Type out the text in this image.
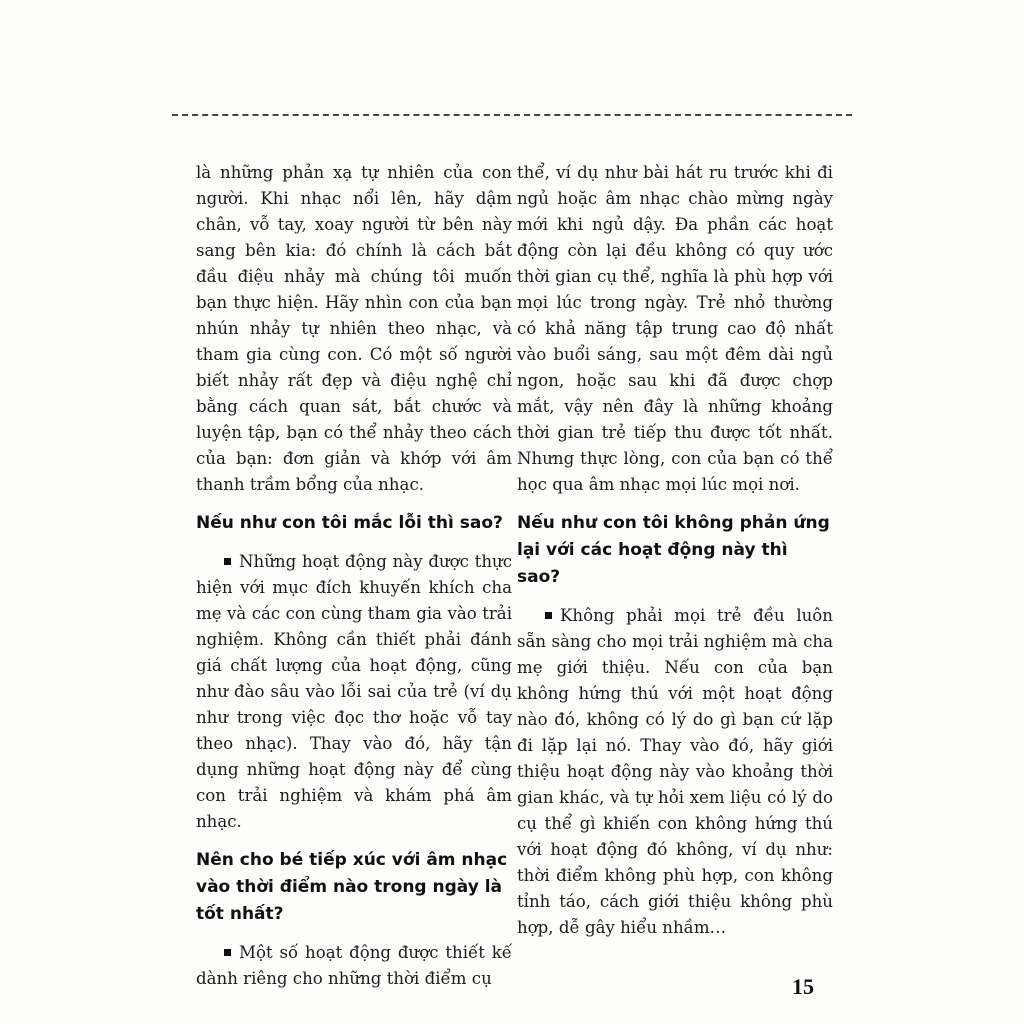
là những phản xạ tự nhiên của con người. Khi nhạc nổi lên, hãy dậm chân, vỗ tay, xoay người từ bên này sang bên kia: đó chính là cách bắt đầu điệu nhảy mà chúng tôi muốn bạn thực hiện. Hãy nhìn con của bạn nhún nhảy tự nhiên theo nhạc, và tham gia cùng con. Có một số người biết nhảy rất đẹp và điệu nghệ chỉ bằng cách quan sát, bắt chước và luyện tập, bạn có thể nhảy theo cách của bạn: đơn giản và khớp với âm thanh trầm bổng của nhạc.

Nếu như con tôi mắc lỗi thì sao?

Những hoạt động này được thực hiện với mục đích khuyến khích cha mẹ và các con cùng tham gia vào trải nghiệm. Không cần thiết phải đánh giá chất lượng của hoạt động, cũng như đào sâu vào lỗi sai của trẻ (ví dụ như trong việc đọc thơ hoặc vỗ tay theo nhạc). Thay vào đó, hãy tận dụng những hoạt động này để cùng con trải nghiệm và khám phá âm nhạc.

Nên cho bé tiếp xúc với âm nhạc vào thời điểm nào trong ngày là tốt nhất?

Một số hoạt động được thiết kế dành riêng cho những thời điểm cụ

thể, ví dụ như bài hát ru trước khi đi ngủ hoặc âm nhạc chào mừng ngày mới khi ngủ dậy. Đa phần các hoạt động còn lại đều không có quy ước thời gian cụ thể, nghĩa là phù hợp với mọi lúc trong ngày. Trẻ nhỏ thường có khả năng tập trung cao độ nhất vào buổi sáng, sau một đêm dài ngủ ngon, hoặc sau khi đã được chợp mắt, vậy nên đây là những khoảng thời gian trẻ tiếp thu được tốt nhất. Nhưng thực lòng, con của bạn có thể học qua âm nhạc mọi lúc mọi nơi.

Nếu như con tôi không phản ứng lại với các hoạt động này thì sao?

Không phải mọi trẻ đều luôn sẵn sàng cho mọi trải nghiệm mà cha mẹ giới thiệu. Nếu con của bạn không hứng thú với một hoạt động nào đó, không có lý do gì bạn cứ lặp đi lặp lại nó. Thay vào đó, hãy giới thiệu hoạt động này vào khoảng thời gian khác, và tự hỏi xem liệu có lý do cụ thể gì khiến con không hứng thú với hoạt động đó không, ví dụ như: thời điểm không phù hợp, con không tỉnh táo, cách giới thiệu không phù hợp, dễ gây hiểu nhầm…

15
